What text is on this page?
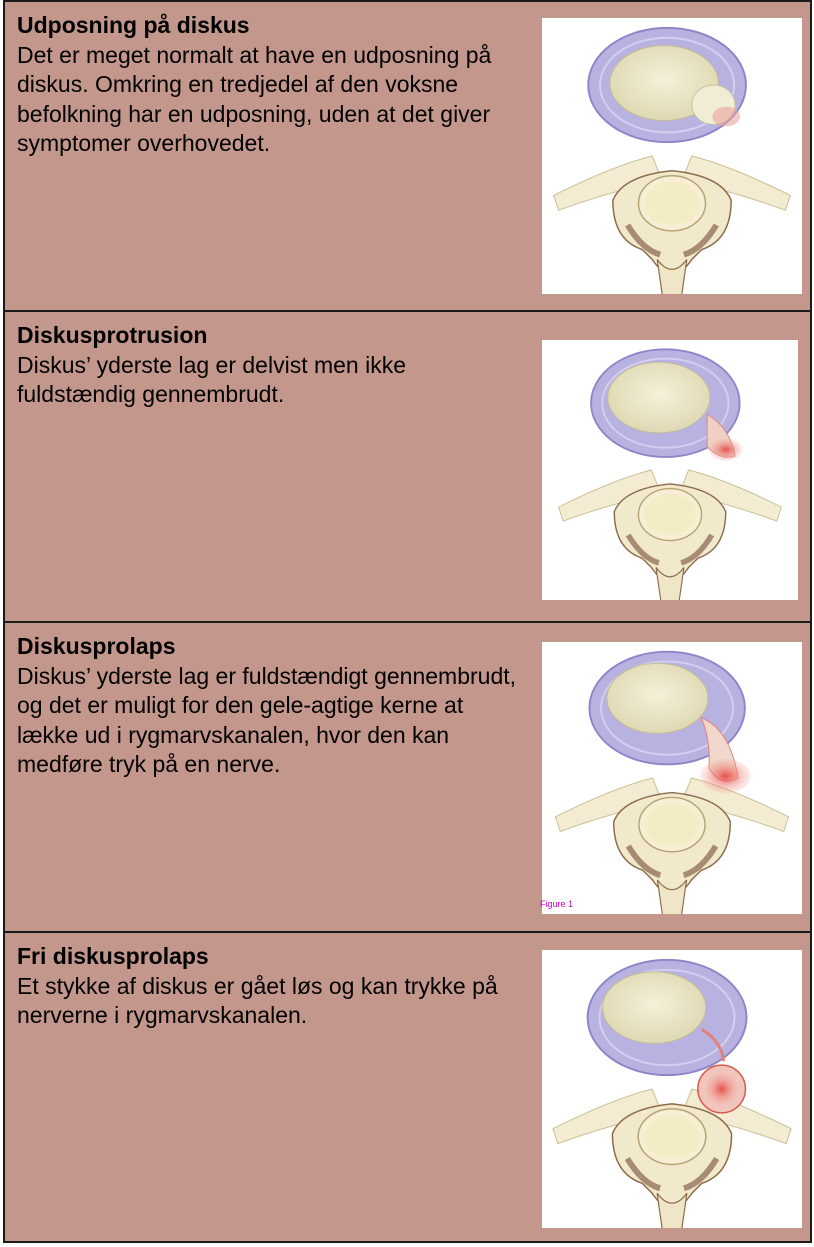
Udposning på diskus
Det er meget normalt at have en udposning på diskus. Omkring en tredjedel af den voksne befolkning har en udposning, uden at det giver symptomer overhovedet.
Diskusprotrusion
Diskus’ yderste lag er delvist men ikke fuldstændig gennembrudt.
Diskusprolaps
Diskus’ yderste lag er fuldstændigt gennembrudt, og det er muligt for den gele-agtige kerne at lække ud i rygmarvskanalen, hvor den kan medføre tryk på en nerve.
Figure 1
Fri diskusprolaps
Et stykke af diskus er gået løs og kan trykke på nerverne i rygmarvskanalen.
